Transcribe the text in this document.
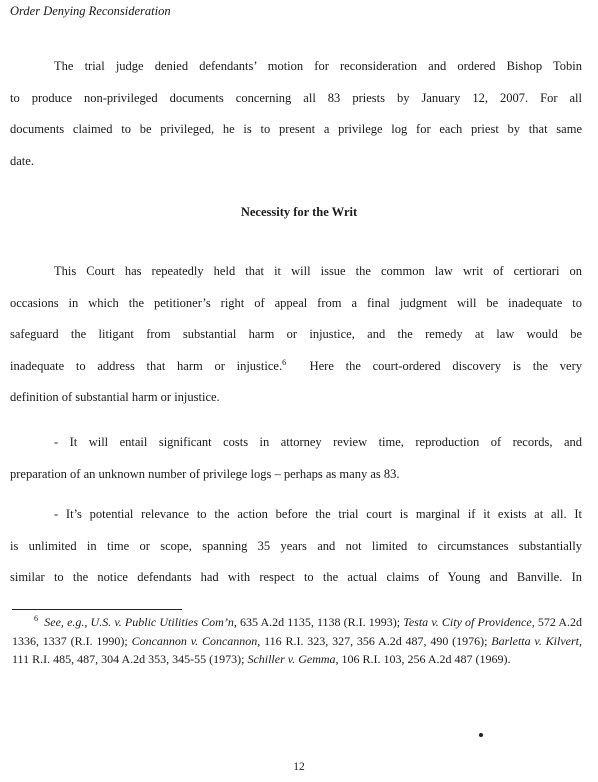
Order Denying Reconsideration
The trial judge denied defendants’ motion for reconsideration and ordered Bishop Tobin
to produce non-privileged documents concerning all 83 priests by January 12, 2007. For all
documents claimed to be privileged, he is to present a privilege log for each priest by that same
date.
Necessity for the Writ
This Court has repeatedly held that it will issue the common law writ of certiorari on
occasions in which the petitioner’s right of appeal from a final judgment will be inadequate to
safeguard the litigant from substantial harm or injustice, and the remedy at law would be
inadequate to address that harm or injustice.$^6$ Here the court-ordered discovery is the very
definition of substantial harm or injustice.
- It will entail significant costs in attorney review time, reproduction of records, and
preparation of an unknown number of privilege logs – perhaps as many as 83.
- It’s potential relevance to the action before the trial court is marginal if it exists at all. It
is unlimited in time or scope, spanning 35 years and not limited to circumstances substantially
similar to the notice defendants had with respect to the actual claims of Young and Banville. In
$^6$ See, e.g., U.S. v. Public Utilities Com’n, 635 A.2d 1135, 1138 (R.I. 1993); Testa v. City of Providence, 572 A.2d 1336, 1337 (R.I. 1990); Concannon v. Concannon, 116 R.I. 323, 327, 356 A.2d 487, 490 (1976); Barletta v. Kilvert, 111 R.I. 485, 487, 304 A.2d 353, 345-55 (1973); Schiller v. Gemma, 106 R.I. 103, 256 A.2d 487 (1969).
12
